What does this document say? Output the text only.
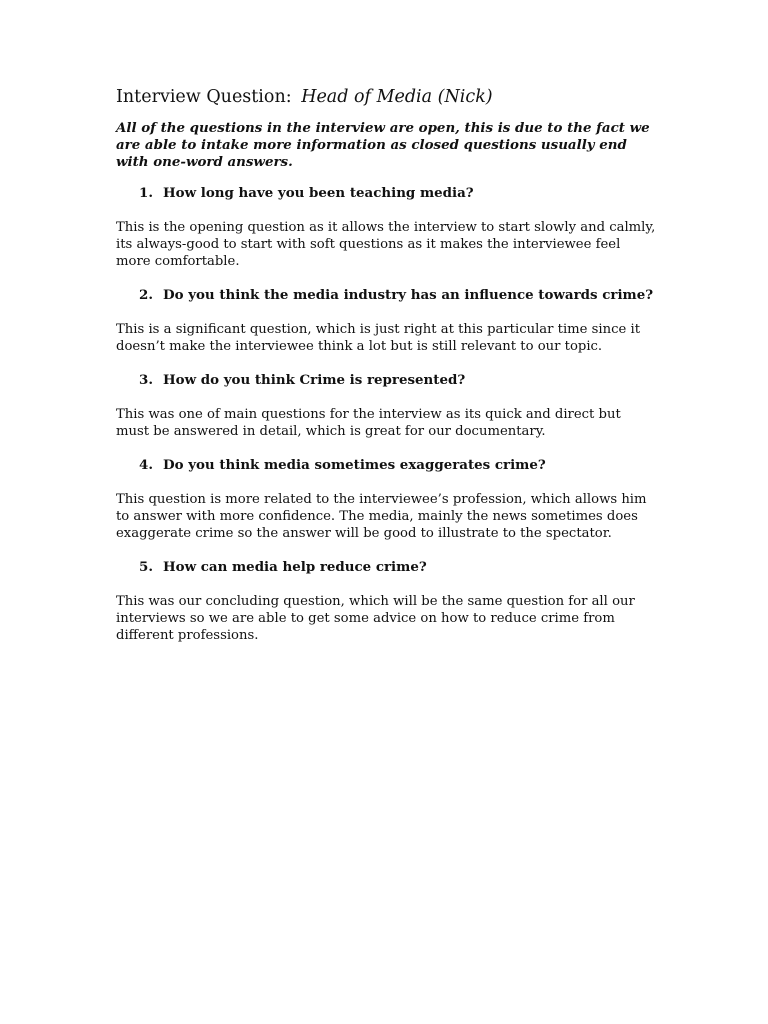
Interview Question: Head of Media (Nick)

All of the questions in the interview are open, this is due to the fact we are able to intake more information as closed questions usually end with one-word answers.

1. How long have you been teaching media?

This is the opening question as it allows the interview to start slowly and calmly, its always-good to start with soft questions as it makes the interviewee feel more comfortable.

2. Do you think the media industry has an influence towards crime?

This is a significant question, which is just right at this particular time since it doesn’t make the interviewee think a lot but is still relevant to our topic.

3. How do you think Crime is represented?

This was one of main questions for the interview as its quick and direct but must be answered in detail, which is great for our documentary.

4. Do you think media sometimes exaggerates crime?

This question is more related to the interviewee’s profession, which allows him to answer with more confidence. The media, mainly the news sometimes does exaggerate crime so the answer will be good to illustrate to the spectator.

5. How can media help reduce crime?

This was our concluding question, which will be the same question for all our interviews so we are able to get some advice on how to reduce crime from different professions.
